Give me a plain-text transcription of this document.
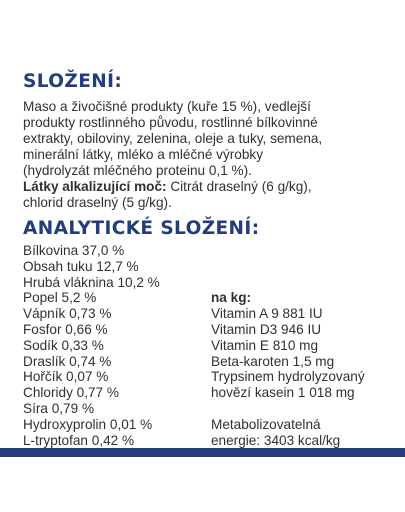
SLOŽENÍ:
Maso a živočišné produkty (kuře 15 %), vedlejší
produkty rostlinného původu, rostlinné bílkovinné
extrakty, obiloviny, zelenina, oleje a tuky, semena,
minerální látky, mléko a mléčné výrobky
(hydrolyzát mléčného proteinu 0,1 %).
Látky alkalizující moč: Citrát draselný (6 g/kg),
chlorid draselný (5 g/kg).
ANALYTICKÉ SLOŽENÍ:
Bílkovina 37,0 %
Obsah tuku 12,7 %
Hrubá vláknina 10,2 %
Popel 5,2 %
Vápník 0,73 %
Fosfor 0,66 %
Sodík 0,33 %
Draslík 0,74 %
Hořčík 0,07 %
Chloridy 0,77 %
Síra 0,79 %
Hydroxyprolin 0,01 %
L-tryptofan 0,42 %
na kg:
Vitamin A 9 881 IU
Vitamin D3 946 IU
Vitamin E 810 mg
Beta-karoten 1,5 mg
Trypsinem hydrolyzovaný
hovězí kasein 1 018 mg
Metabolizovatelná
energie: 3403 kcal/kg
